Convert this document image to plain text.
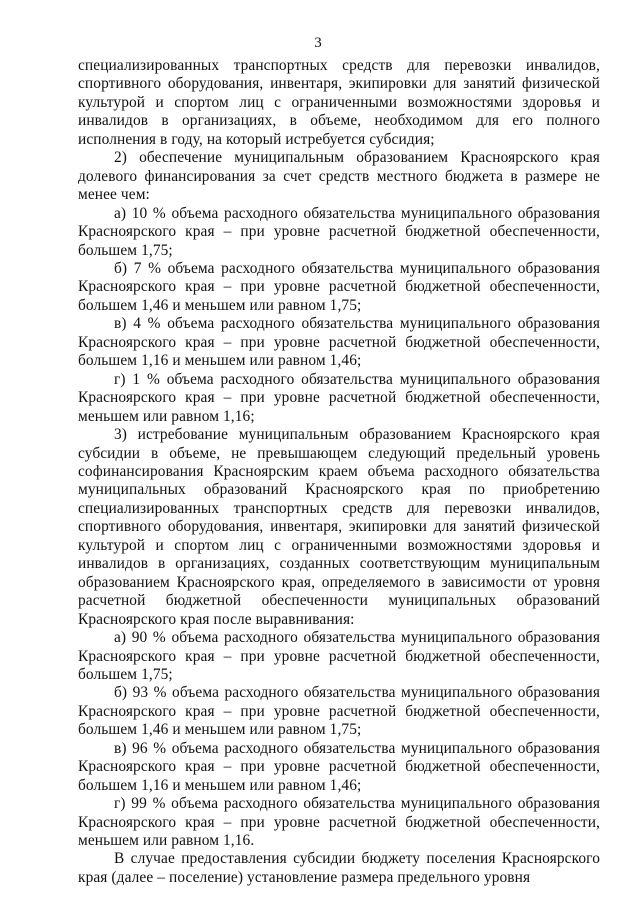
3

специализированных транспортных средств для перевозки инвалидов, спортивного оборудования, инвентаря, экипировки для занятий физической культурой и спортом лиц с ограниченными возможностями здоровья и инвалидов в организациях, в объеме, необходимом для его полного исполнения в году, на который истребуется субсидия;

2) обеспечение муниципальным образованием Красноярского края долевого финансирования за счет средств местного бюджета в размере не менее чем:

а) 10 % объема расходного обязательства муниципального образования Красноярского края – при уровне расчетной бюджетной обеспеченности, большем 1,75;

б) 7 % объема расходного обязательства муниципального образования Красноярского края – при уровне расчетной бюджетной обеспеченности, большем 1,46 и меньшем или равном 1,75;

в) 4 % объема расходного обязательства муниципального образования Красноярского края – при уровне расчетной бюджетной обеспеченности, большем 1,16 и меньшем или равном 1,46;

г) 1 % объема расходного обязательства муниципального образования Красноярского края – при уровне расчетной бюджетной обеспеченности, меньшем или равном 1,16;

3) истребование муниципальным образованием Красноярского края субсидии в объеме, не превышающем следующий предельный уровень софинансирования Красноярским краем объема расходного обязательства муниципальных образований Красноярского края по приобретению специализированных транспортных средств для перевозки инвалидов, спортивного оборудования, инвентаря, экипировки для занятий физической культурой и спортом лиц с ограниченными возможностями здоровья и инвалидов в организациях, созданных соответствующим муниципальным образованием Красноярского края, определяемого в зависимости от уровня расчетной бюджетной обеспеченности муниципальных образований Красноярского края после выравнивания:

а) 90 % объема расходного обязательства муниципального образования Красноярского края – при уровне расчетной бюджетной обеспеченности, большем 1,75;

б) 93 % объема расходного обязательства муниципального образования Красноярского края – при уровне расчетной бюджетной обеспеченности, большем 1,46 и меньшем или равном 1,75;

в) 96 % объема расходного обязательства муниципального образования Красноярского края – при уровне расчетной бюджетной обеспеченности, большем 1,16 и меньшем или равном 1,46;

г) 99 % объема расходного обязательства муниципального образования Красноярского края – при уровне расчетной бюджетной обеспеченности, меньшем или равном 1,16.

В случае предоставления субсидии бюджету поселения Красноярского края (далее – поселение) установление размера предельного уровня
